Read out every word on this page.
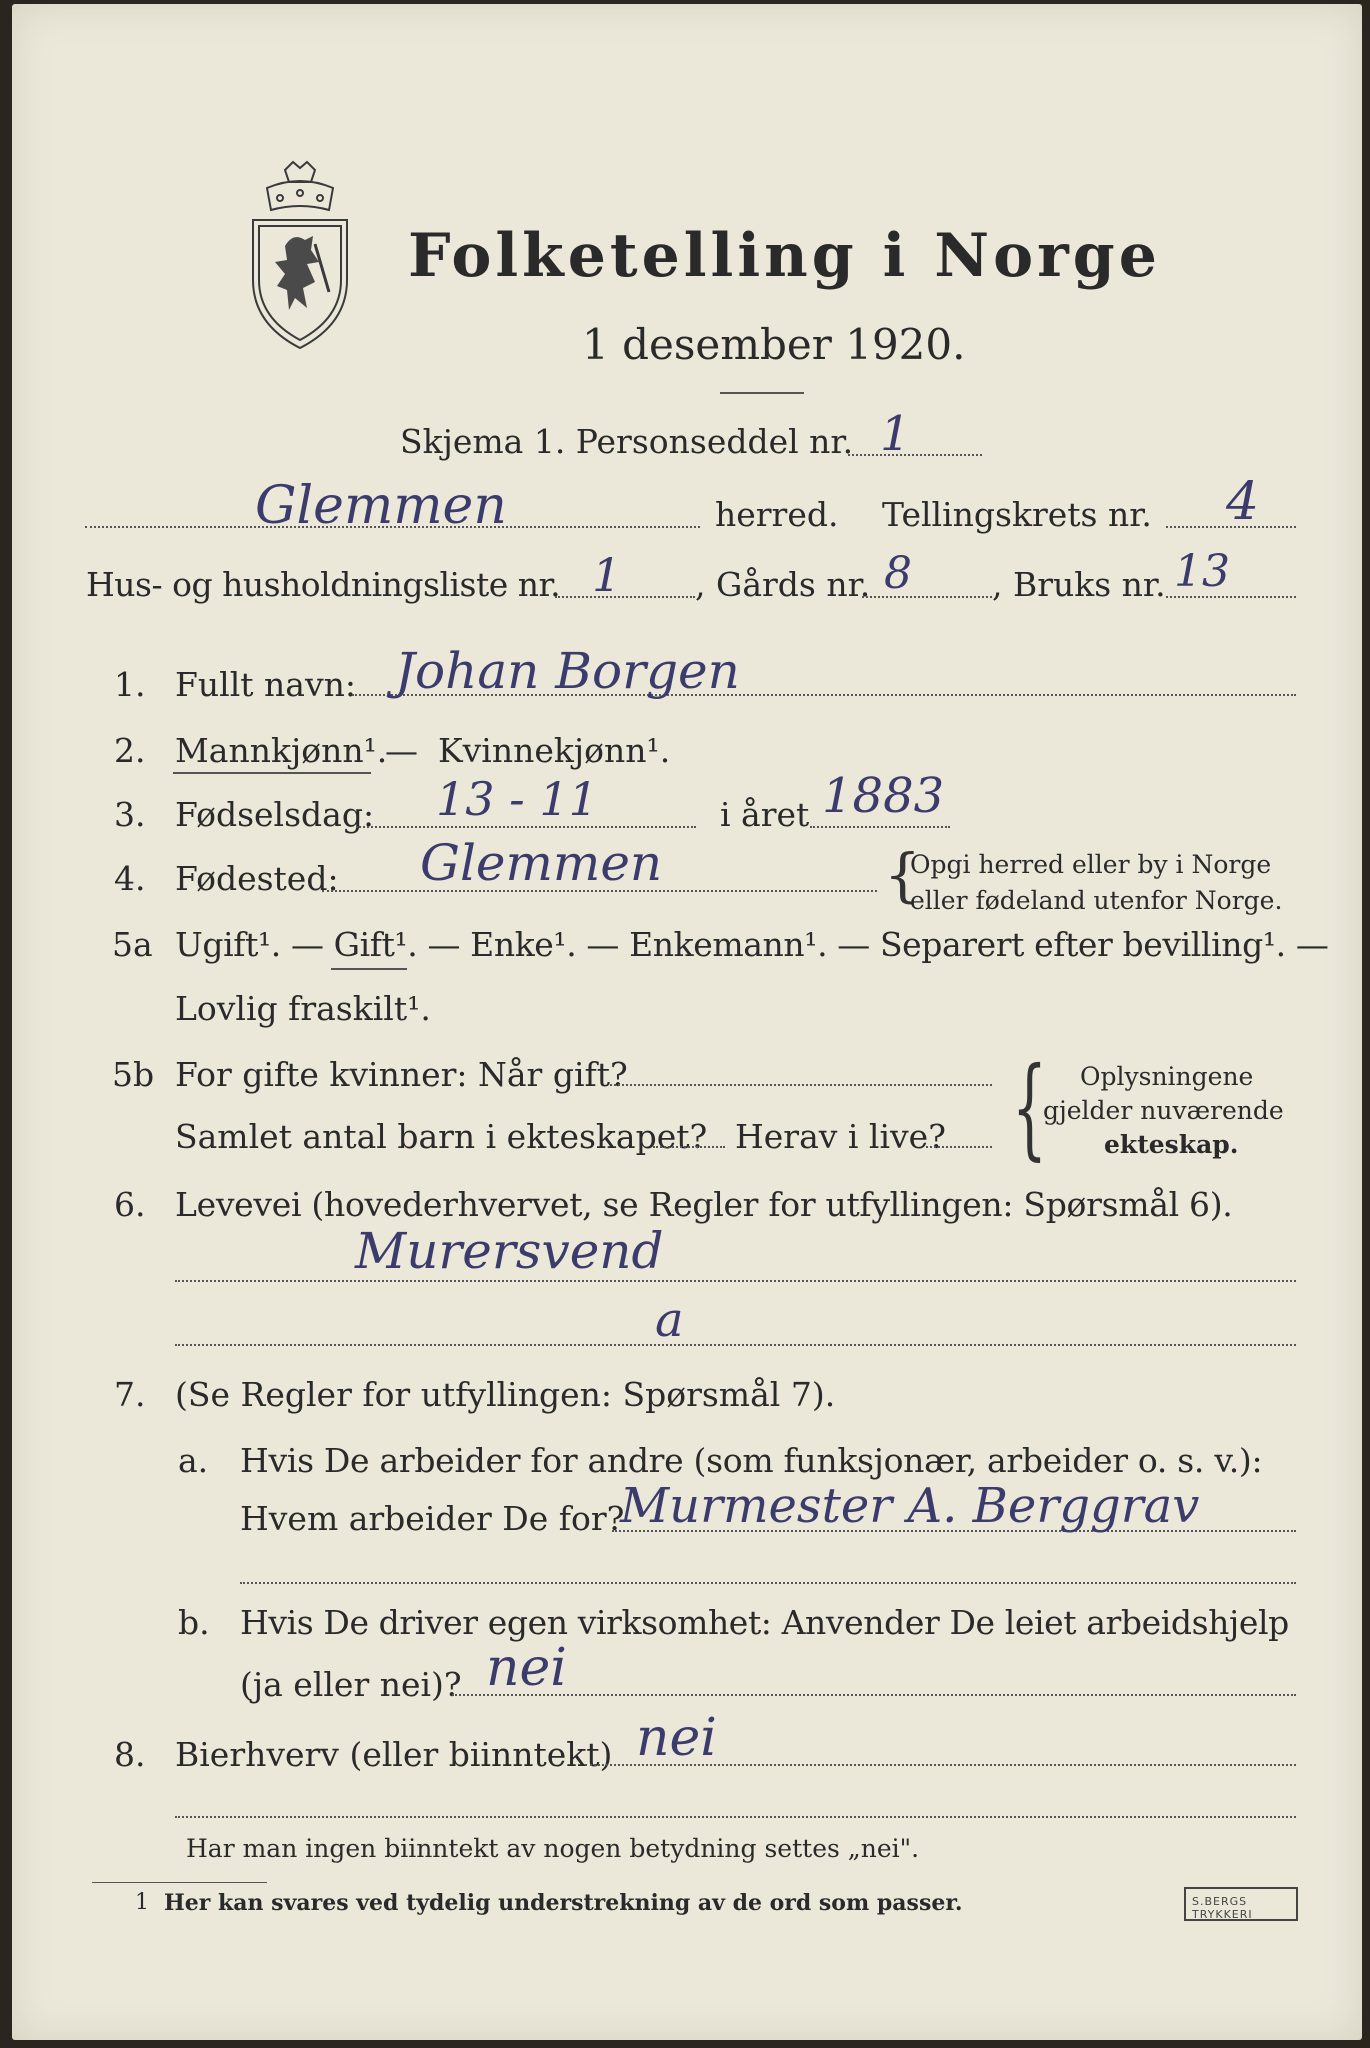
Folketelling i Norge
1 desember 1920.
Skjema 1. Personseddel nr. 1
Glemmen	herred. Tellingskrets nr. 4
Hus- og husholdningsliste nr. 1 , Gårds nr. 8 , Bruks nr. 13
1. Fullt navn: Johan Borgen
2. Mannkjønn¹.
— Kvinnekjønn¹.
3. Fødselsdag: 13 - 11	i året 1883
4. Fødested: Glemmen	{
Opgi herred eller by i Norge
eller fødeland utenfor Norge.
5a Ugift¹. — Gift¹. — Enke¹. — Enkemann¹. — Separert efter bevilling¹. —
Lovlig fraskilt¹.
5b For gifte kvinner: Når gift?
Samlet antal barn i ekteskapet? Herav i live? { Oplysningene
gjelder nuværende
ekteskap.
6. Levevei (hovederhvervet, se Regler for utfyllingen: Spørsmål 6).
Murersvend
a
7. (Se Regler for utfyllingen: Spørsmål 7).
a. Hvis De arbeider for andre (som funksjonær, arbeider o. s. v.):
Hvem arbeider De for?
Murmester A. Berggrav
b. Hvis De driver egen virksomhet: Anvender De leiet arbeidshjelp
(ja eller nei)? nei
8. Bierhverv (eller biinntekt) nei
Har man ingen biinntekt av nogen betydning settes „nei".
1 Her kan svares ved tydelig understrekning av de ord som passer.	S.BERGS TRYKKERI
